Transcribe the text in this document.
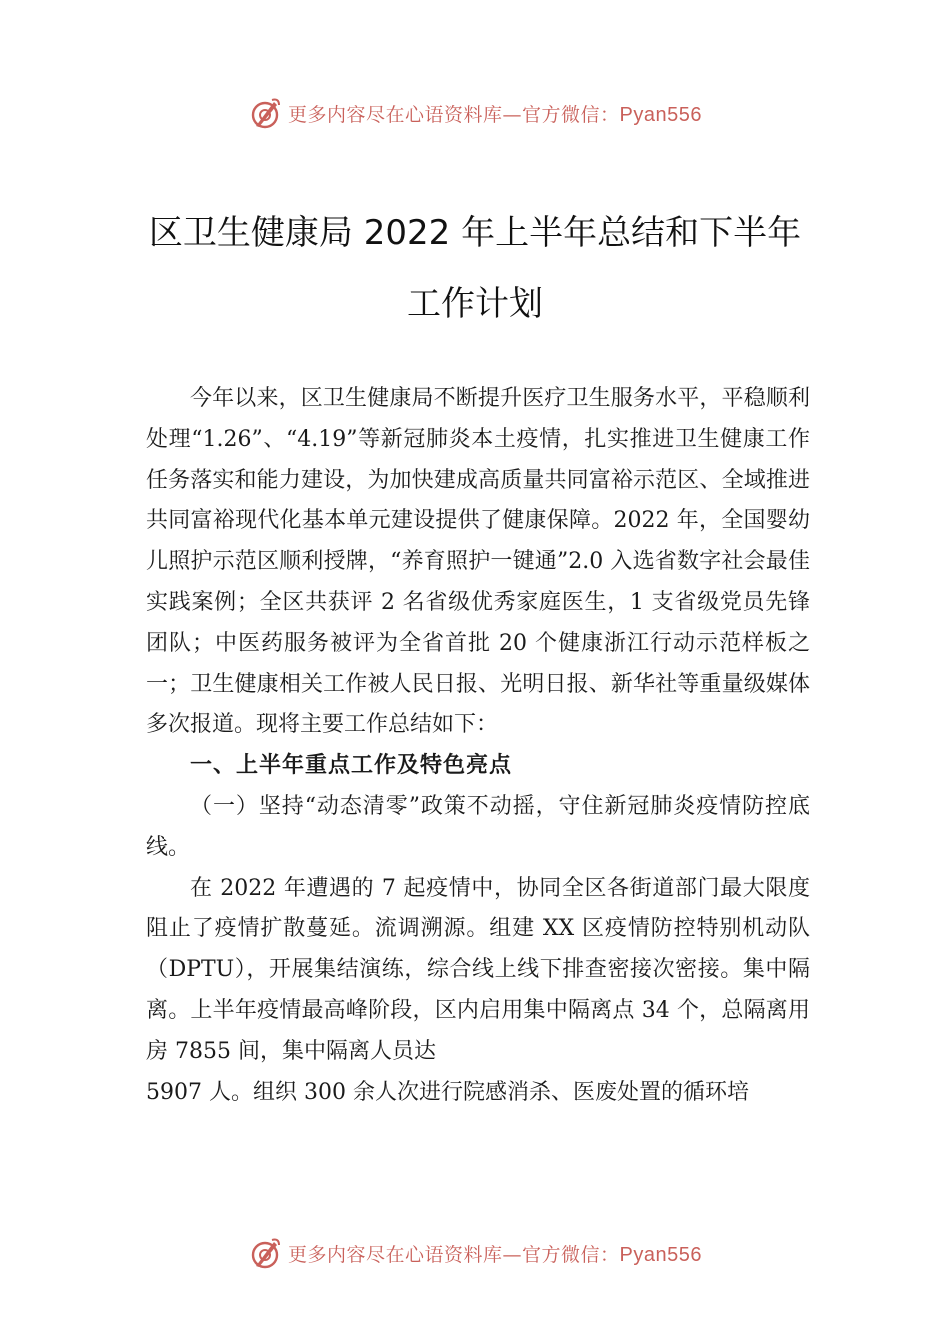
更多内容尽在心语资料库—官方微信：Pyan556
区卫生健康局 2022 年上半年总结和下半年
工作计划

今年以来，区卫生健康局不断提升医疗卫生服务水平，平稳顺利处理“1.26”、“4.19”等新冠肺炎本土疫情，扎实推进卫生健康工作任务落实和能力建设，为加快建成高质量共同富裕示范区、全域推进共同富裕现代化基本单元建设提供了健康保障。2022 年，全国婴幼儿照护示范区顺利授牌，“养育照护一键通”2.0 入选省数字社会最佳实践案例；全区共获评 2 名省级优秀家庭医生，1 支省级党员先锋团队；中医药服务被评为全省首批 20 个健康浙江行动示范样板之一；卫生健康相关工作被人民日报、光明日报、新华社等重量级媒体多次报道。现将主要工作总结如下：

一、上半年重点工作及特色亮点

（一）坚持“动态清零”政策不动摇，守住新冠肺炎疫情防控底线。

在 2022 年遭遇的 7 起疫情中，协同全区各街道部门最大限度阻止了疫情扩散蔓延。流调溯源。组建 XX 区疫情防控特别机动队（DPTU），开展集结演练，综合线上线下排查密接次密接。集中隔离。上半年疫情最高峰阶段，区内启用集中隔离点 34 个，总隔离用房 7855 间，集中隔离人员达

5907 人。组织 300 余人次进行院感消杀、医废处置的循环培

更多内容尽在心语资料库—官方微信：Pyan556
